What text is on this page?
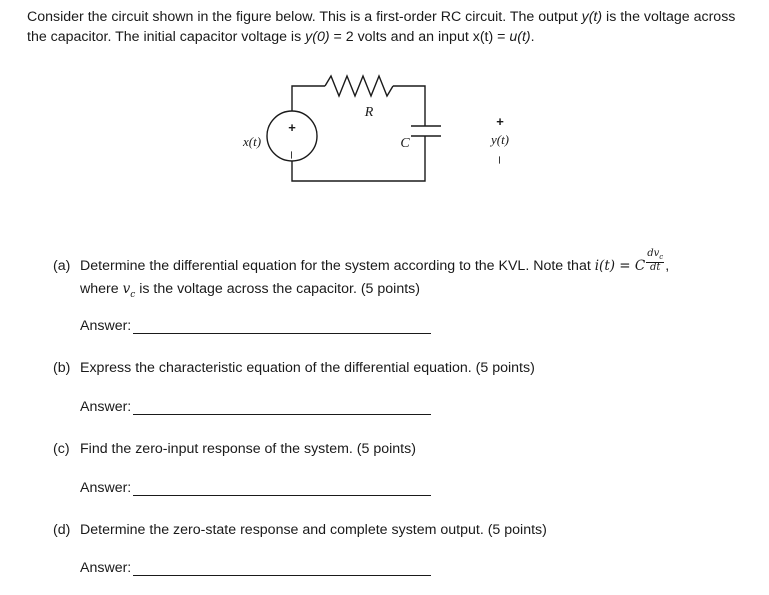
Consider the circuit shown in the figure below. This is a first-order RC circuit. The output y(t) is the voltage across the capacitor. The initial capacitor voltage is y(0) = 2 volts and an input x(t) = u(t).
R
C
x(t)
+
–
+
y(t)
–
(a) Determine the differential equation for the system according to the KVL. Note that i(t) = C $\frac{dv_c}{dt}$ ,
where $v_c$ is the voltage across the capacitor. (5 points)
Answer:
(b) Express the characteristic equation of the differential equation. (5 points)
Answer:
(c) Find the zero-input response of the system. (5 points)
Answer:
(d) Determine the zero-state response and complete system output. (5 points)
Answer:
